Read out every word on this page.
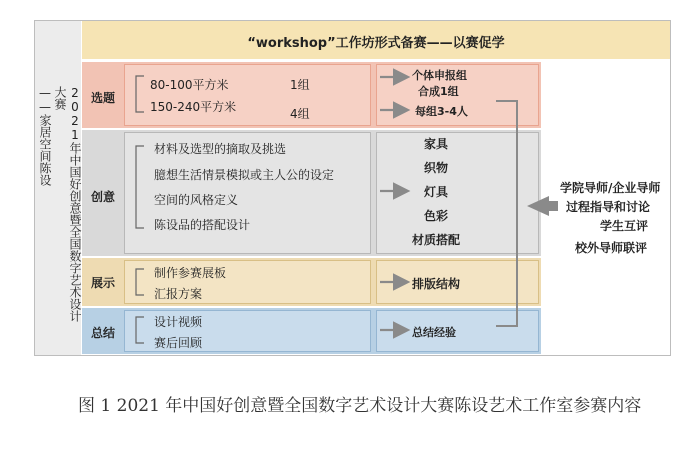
2021年中国好创意暨全国数字艺术设计大赛
——家居空间陈设
“workshop”工作坊形式备赛——以赛促学
选题
80-100平方米	1组
150-240平方米	4组
个体申报组
合成1组
每组3-4人
创意
材料及选型的摘取及挑选
臆想生活情景模拟或主人公的设定
空间的风格定义
陈设品的搭配设计
家具
织物
灯具
色彩
材质搭配
展示
制作参赛展板
汇报方案
排版结构
总结
设计视频
赛后回顾
总结经验
学院导师/企业导师
过程指导和讨论
学生互评
校外导师联评
图 1 2021 年中国好创意暨全国数字艺术设计大赛陈设艺术工作室参赛内容
